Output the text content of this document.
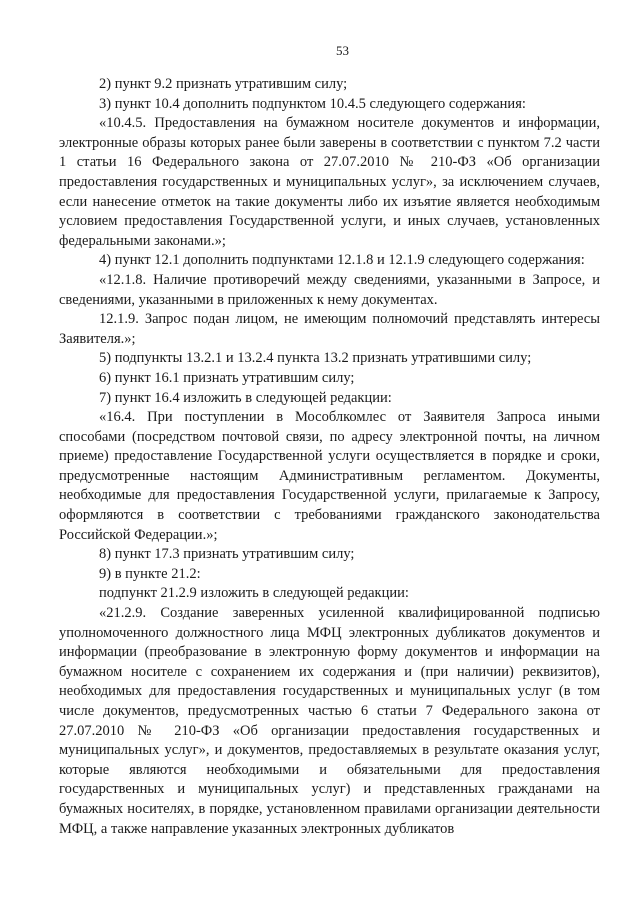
53

2) пункт 9.2 признать утратившим силу;

3) пункт 10.4 дополнить подпунктом 10.4.5 следующего содержания:

«10.4.5. Предоставления на бумажном носителе документов и информации, электронные образы которых ранее были заверены в соответствии с пунктом 7.2 части 1 статьи 16 Федерального закона от 27.07.2010 № 210-ФЗ «Об организации предоставления государственных и муниципальных услуг», за исключением случаев, если нанесение отметок на такие документы либо их изъятие является необходимым условием предоставления Государственной услуги, и иных случаев, установленных федеральными законами.»;

4) пункт 12.1 дополнить подпунктами 12.1.8 и 12.1.9 следующего содержания:

«12.1.8. Наличие противоречий между сведениями, указанными в Запросе, и сведениями, указанными в приложенных к нему документах.

12.1.9. Запрос подан лицом, не имеющим полномочий представлять интересы Заявителя.»;

5) подпункты 13.2.1 и 13.2.4 пункта 13.2 признать утратившими силу;

6) пункт 16.1 признать утратившим силу;

7) пункт 16.4 изложить в следующей редакции:

«16.4. При поступлении в Мособлкомлес от Заявителя Запроса иными способами (посредством почтовой связи, по адресу электронной почты, на личном приеме) предоставление Государственной услуги осуществляется в порядке и сроки, предусмотренные настоящим Административным регламентом. Документы, необходимые для предоставления Государственной услуги, прилагаемые к Запросу, оформляются в соответствии с требованиями гражданского законодательства Российской Федерации.»;

8) пункт 17.3 признать утратившим силу;

9) в пункте 21.2:

подпункт 21.2.9 изложить в следующей редакции:

«21.2.9. Создание заверенных усиленной квалифицированной подписью уполномоченного должностного лица МФЦ электронных дубликатов документов и информации (преобразование в электронную форму документов и информации на бумажном носителе с сохранением их содержания и (при наличии) реквизитов), необходимых для предоставления государственных и муниципальных услуг (в том числе документов, предусмотренных частью 6 статьи 7 Федерального закона от 27.07.2010 № 210-ФЗ «Об организации предоставления государственных и муниципальных услуг», и документов, предоставляемых в результате оказания услуг, которые являются необходимыми и обязательными для предоставления государственных и муниципальных услуг) и представленных гражданами на бумажных носителях, в порядке, установленном правилами организации деятельности МФЦ, а также направление указанных электронных дубликатов
